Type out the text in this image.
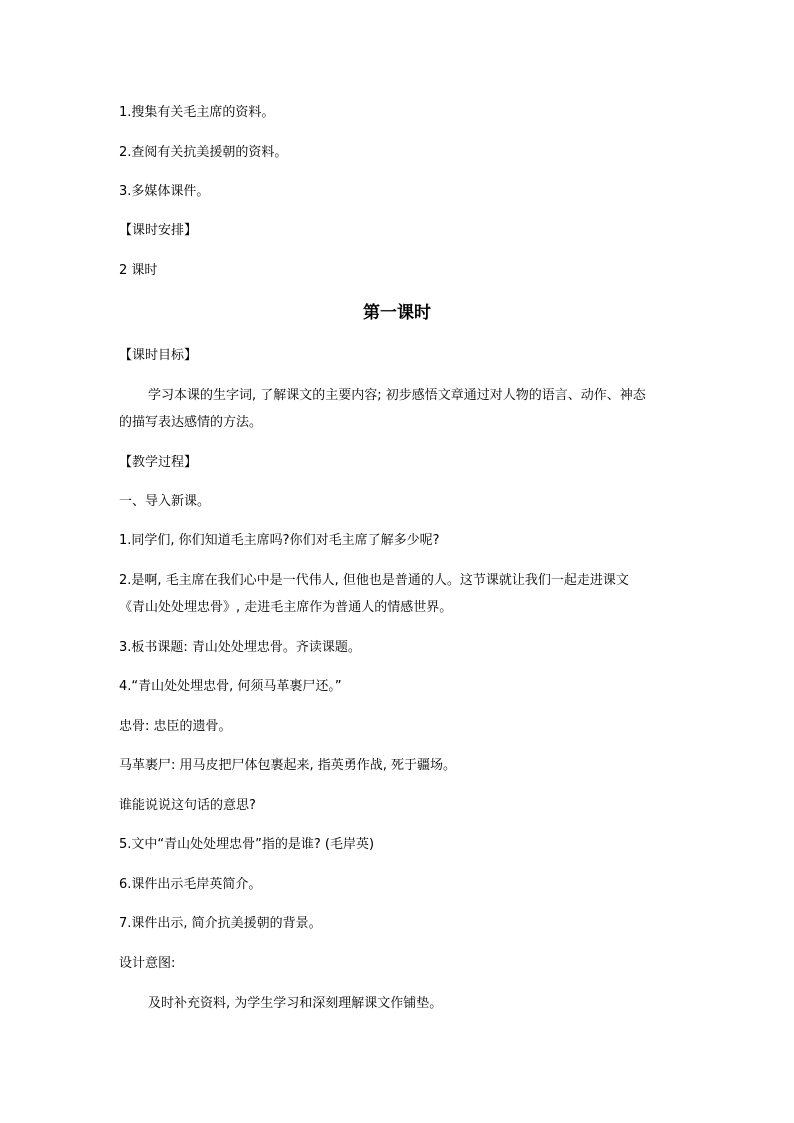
1.搜集有关毛主席的资料。
2.查阅有关抗美援朝的资料。
3.多媒体课件。
【课时安排】
2 课时
第一课时
【课时目标】
学习本课的生字词, 了解课文的主要内容; 初步感悟文章通过对人物的语言、动作、神态
的描写表达感情的方法。
【教学过程】
一、导入新课。
1.同学们, 你们知道毛主席吗?你们对毛主席了解多少呢?
2.是啊, 毛主席在我们心中是一代伟人, 但他也是普通的人。这节课就让我们一起走进课文
《青山处处埋忠骨》, 走进毛主席作为普通人的情感世界。
3.板书课题: 青山处处埋忠骨。齐读课题。
4.“青山处处埋忠骨, 何须马革裹尸还。”
忠骨: 忠臣的遗骨。
马革裹尸: 用马皮把尸体包裹起来, 指英勇作战, 死于疆场。
谁能说说这句话的意思?
5.文中“青山处处埋忠骨”指的是谁? (毛岸英)
6.课件出示毛岸英简介。
7.课件出示, 简介抗美援朝的背景。
设计意图:
及时补充资料, 为学生学习和深刻理解课文作铺垫。
